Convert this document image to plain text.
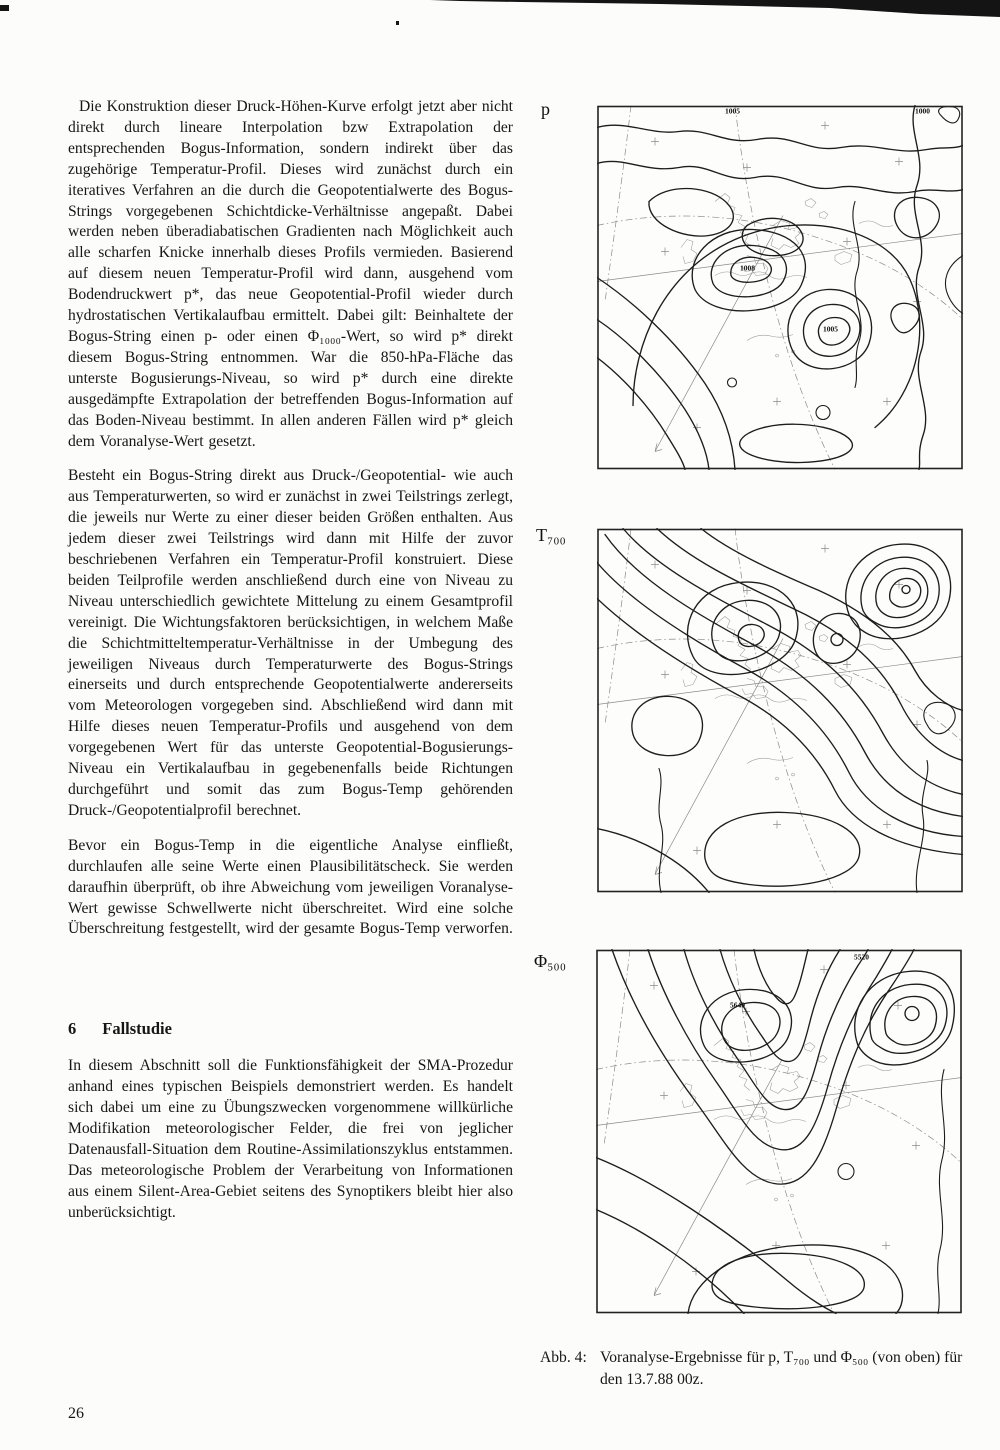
Die Konstruktion dieser Druck-Höhen-Kurve erfolgt jetzt aber nicht direkt durch lineare Interpolation bzw Extrapolation der entsprechenden Bogus-Information, sondern indirekt über das zugehörige Temperatur-Profil. Dieses wird zunächst durch ein iteratives Verfahren an die durch die Geopotentialwerte des Bogus-Strings vorgegebenen Schichtdicke-Verhältnisse angepaßt. Dabei werden neben überadiabatischen Gradienten nach Möglichkeit auch alle scharfen Knicke innerhalb dieses Profils vermieden. Basierend auf diesem neuen Temperatur-Profil wird dann, ausgehend vom Bodendruckwert p*, das neue Geopotential-Profil wieder durch hydrostatischen Vertikalaufbau ermittelt. Dabei gilt: Beinhaltete der Bogus-String einen p- oder einen Φ₁₀₀₀-Wert, so wird p* direkt diesem Bogus-String entnommen. War die 850-hPa-Fläche das unterste Bogusierungs-Niveau, so wird p* durch eine direkte ausgedämpfte Extrapolation der betreffenden Bogus-Information auf das Boden-Niveau bestimmt. In allen anderen Fällen wird p* gleich dem Voranalyse-Wert gesetzt.

Besteht ein Bogus-String direkt aus Druck-/Geopotential- wie auch aus Temperaturwerten, so wird er zunächst in zwei Teilstrings zerlegt, die jeweils nur Werte zu einer dieser beiden Größen enthalten. Aus jedem dieser zwei Teilstrings wird dann mit Hilfe der zuvor beschriebenen Verfahren ein Temperatur-Profil konstruiert. Diese beiden Teilprofile werden anschließend durch eine von Niveau zu Niveau unterschiedlich gewichtete Mittelung zu einem Gesamtprofil vereinigt. Die Wichtungsfaktoren berücksichtigen, in welchem Maße die Schichtmitteltemperatur-Verhältnisse in der Umbegung des jeweiligen Niveaus durch Temperaturwerte des Bogus-Strings einerseits und durch entsprechende Geopotentialwerte andererseits vom Meteorologen vorgegeben sind. Abschließend wird dann mit Hilfe dieses neuen Temperatur-Profils und ausgehend von dem vorgegebenen Wert für das unterste Geopotential-Bogusierungs-Niveau ein Vertikalaufbau in gegebenenfalls beide Richtungen durchgeführt und somit das zum Bogus-Temp gehörenden Druck-/Geopotentialprofil berechnet.

Bevor ein Bogus-Temp in die eigentliche Analyse einfließt, durchlaufen alle seine Werte einen Plausibilitätscheck. Sie werden daraufhin überprüft, ob ihre Abweichung vom jeweiligen Voranalyse-Wert gewisse Schwellwerte nicht überschreitet. Wird eine solche Überschreitung festgestellt, wird der gesamte Bogus-Temp verworfen.

6 Fallstudie

In diesem Abschnitt soll die Funktionsfähigkeit der SMA-Prozedur anhand eines typischen Beispiels demonstriert werden. Es handelt sich dabei um eine zu Übungszwecken vorgenommene willkürliche Modifikation meteorologischer Felder, die frei von jeglicher Datenausfall-Situation dem Routine-Assimilationszyklus entstammen. Das meteorologische Problem der Verarbeitung von Informationen aus einem Silent-Area-Gebiet seitens des Synoptikers bleibt hier also unberücksichtigt.

26
p
T₇₀₀
Φ₅₀₀
1005	1000
1008
1005
5520
5640
Abb. 4: Voranalyse-Ergebnisse für p, T₇₀₀ und Φ₅₀₀ (von oben) für den 13.7.88 00z.
